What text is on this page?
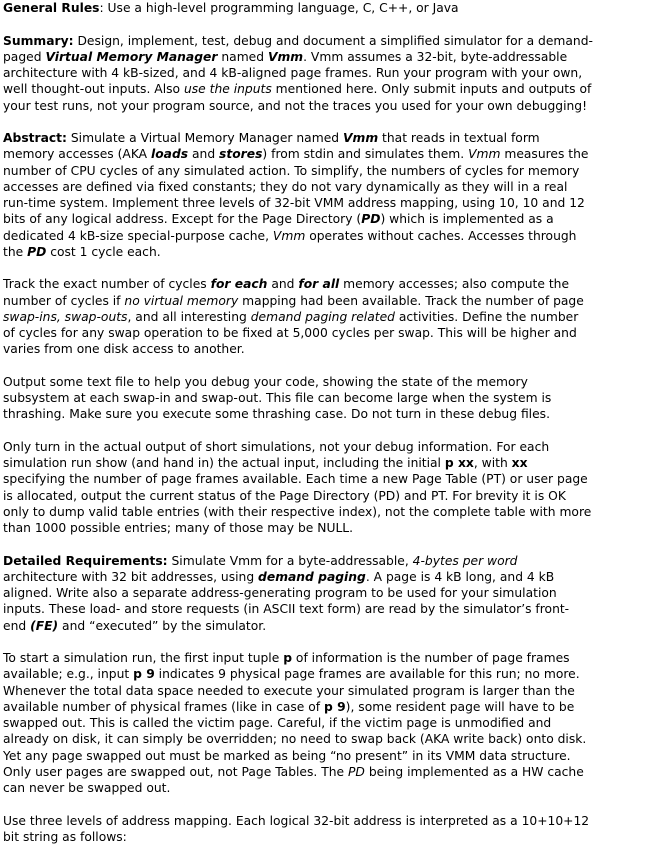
General Rules: Use a high-level programming language, C, C++, or Java
Summary: Design, implement, test, debug and document a simplified simulator for a demand-
paged Virtual Memory Manager named Vmm. Vmm assumes a 32-bit, byte-addressable
architecture with 4 kB-sized, and 4 kB-aligned page frames. Run your program with your own,
well thought-out inputs. Also use the inputs mentioned here. Only submit inputs and outputs of
your test runs, not your program source, and not the traces you used for your own debugging!
Abstract: Simulate a Virtual Memory Manager named Vmm that reads in textual form
memory accesses (AKA loads and stores) from stdin and simulates them. Vmm measures the
number of CPU cycles of any simulated action. To simplify, the numbers of cycles for memory
accesses are defined via fixed constants; they do not vary dynamically as they will in a real
run-time system. Implement three levels of 32-bit VMM address mapping, using 10, 10 and 12
bits of any logical address. Except for the Page Directory (PD) which is implemented as a
dedicated 4 kB-size special-purpose cache, Vmm operates without caches. Accesses through
the PD cost 1 cycle each.
Track the exact number of cycles for each and for all memory accesses; also compute the
number of cycles if no virtual memory mapping had been available. Track the number of page
swap-ins, swap-outs, and all interesting demand paging related activities. Define the number
of cycles for any swap operation to be fixed at 5,000 cycles per swap. This will be higher and
varies from one disk access to another.
Output some text file to help you debug your code, showing the state of the memory
subsystem at each swap-in and swap-out. This file can become large when the system is
thrashing. Make sure you execute some thrashing case. Do not turn in these debug files.
Only turn in the actual output of short simulations, not your debug information. For each
simulation run show (and hand in) the actual input, including the initial p xx, with xx
specifying the number of page frames available. Each time a new Page Table (PT) or user page
is allocated, output the current status of the Page Directory (PD) and PT. For brevity it is OK
only to dump valid table entries (with their respective index), not the complete table with more
than 1000 possible entries; many of those may be NULL.
Detailed Requirements: Simulate Vmm for a byte-addressable, 4-bytes per word
architecture with 32 bit addresses, using demand paging. A page is 4 kB long, and 4 kB
aligned. Write also a separate address-generating program to be used for your simulation
inputs. These load- and store requests (in ASCII text form) are read by the simulator’s front-
end (FE) and “executed” by the simulator.
To start a simulation run, the first input tuple p of information is the number of page frames
available; e.g., input p 9 indicates 9 physical page frames are available for this run; no more.
Whenever the total data space needed to execute your simulated program is larger than the
available number of physical frames (like in case of p 9), some resident page will have to be
swapped out. This is called the victim page. Careful, if the victim page is unmodified and
already on disk, it can simply be overridden; no need to swap back (AKA write back) onto disk.
Yet any page swapped out must be marked as being “no present” in its VMM data structure.
Only user pages are swapped out, not Page Tables. The PD being implemented as a HW cache
can never be swapped out.
Use three levels of address mapping. Each logical 32-bit address is interpreted as a 10+10+12
bit string as follows:
